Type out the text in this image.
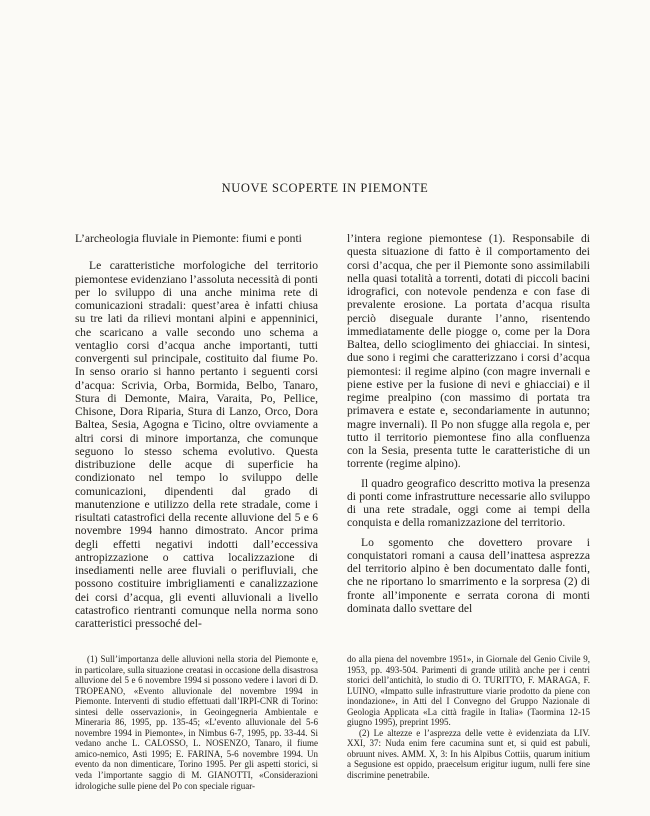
NUOVE SCOPERTE IN PIEMONTE

L’archeologia fluviale in Piemonte: fiumi e ponti

Le caratteristiche morfologiche del territorio piemontese evidenziano l’assoluta necessità di ponti per lo sviluppo di una anche minima rete di comunicazioni stradali: quest’area è infatti chiusa su tre lati da rilievi montani alpini e appenninici, che scaricano a valle secondo uno schema a ventaglio corsi d’acqua anche importanti, tutti convergenti sul principale, costituito dal fiume Po. In senso orario si hanno pertanto i seguenti corsi d’acqua: Scrivia, Orba, Bormida, Belbo, Tanaro, Stura di Demonte, Maira, Varaita, Po, Pellice, Chisone, Dora Riparia, Stura di Lanzo, Orco, Dora Baltea, Sesia, Agogna e Ticino, oltre ovviamente a altri corsi di minore importanza, che comunque seguono lo stesso schema evolutivo. Questa distribuzione delle acque di superficie ha condizionato nel tempo lo sviluppo delle comunicazioni, dipendenti dal grado di manutenzione e utilizzo della rete stradale, come i risultati catastrofici della recente alluvione del 5 e 6 novembre 1994 hanno dimostrato. Ancor prima degli effetti negativi indotti dall’eccessiva antropizzazione o cattiva localizzazione di insediamenti nelle aree fluviali o perifluviali, che possono costituire imbrigliamenti e canalizzazione dei corsi d’acqua, gli eventi alluvionali a livello catastrofico rientranti comunque nella norma sono caratteristici pressoché del-

l’intera regione piemontese (1). Responsabile di questa situazione di fatto è il comportamento dei corsi d’acqua, che per il Piemonte sono assimilabili nella quasi totalità a torrenti, dotati di piccoli bacini idrografici, con notevole pendenza e con fase di prevalente erosione. La portata d’acqua risulta perciò diseguale durante l’anno, risentendo immediatamente delle piogge o, come per la Dora Baltea, dello scioglimento dei ghiacciai. In sintesi, due sono i regimi che caratterizzano i corsi d’acqua piemontesi: il regime alpino (con magre invernali e piene estive per la fusione di nevi e ghiacciai) e il regime prealpino (con massimo di portata tra primavera e estate e, secondariamente in autunno; magre invernali). Il Po non sfugge alla regola e, per tutto il territorio piemontese fino alla confluenza con la Sesia, presenta tutte le caratteristiche di un torrente (regime alpino).

Il quadro geografico descritto motiva la presenza di ponti come infrastrutture necessarie allo sviluppo di una rete stradale, oggi come ai tempi della conquista e della romanizzazione del territorio.

Lo sgomento che dovettero provare i conquistatori romani a causa dell’inattesa asprezza del territorio alpino è ben documentato dalle fonti, che ne riportano lo smarrimento e la sorpresa (2) di fronte all’imponente e serrata corona di monti dominata dallo svettare del

(1) Sull’importanza delle alluvioni nella storia del Piemonte e, in particolare, sulla situazione creatasi in occasione della disastrosa alluvione del 5 e 6 novembre 1994 si possono vedere i lavori di D. TROPEANO, «Evento alluvionale del novembre 1994 in Piemonte. Interventi di studio effettuati dall’IRPI-CNR di Torino: sintesi delle osservazioni», in Geoingegneria Ambientale e Mineraria 86, 1995, pp. 135-45; «L’evento alluvionale del 5-6 novembre 1994 in Piemonte», in Nimbus 6-7, 1995, pp. 33-44. Si vedano anche L. CALOSSO, L. NOSENZO, Tanaro, il fiume amico-nemico, Asti 1995; E. FARINA, 5-6 novembre 1994. Un evento da non dimenticare, Torino 1995. Per gli aspetti storici, si veda l’importante saggio di M. GIANOTTI, «Considerazioni idrologiche sulle piene del Po con speciale riguar-

do alla piena del novembre 1951», in Giornale del Genio Civile 9, 1953, pp. 493-504. Parimenti di grande utilità anche per i centri storici dell’antichità, lo studio di O. TURITTO, F. MARAGA, F. LUINO, «Impatto sulle infrastrutture viarie prodotto da piene con inondazione», in Atti del I Convegno del Gruppo Nazionale di Geologia Applicata «La città fragile in Italia» (Taormina 12-15 giugno 1995), preprint 1995.

(2) Le altezze e l’asprezza delle vette è evidenziata da LIV. XXI, 37: Nuda enim fere cacumina sunt et, si quid est pabuli, obruunt nives. AMM. X, 3: In his Alpibus Cottiis, quarum initium a Segusione est oppido, praecelsum erigitur iugum, nulli fere sine discrimine penetrabile.
